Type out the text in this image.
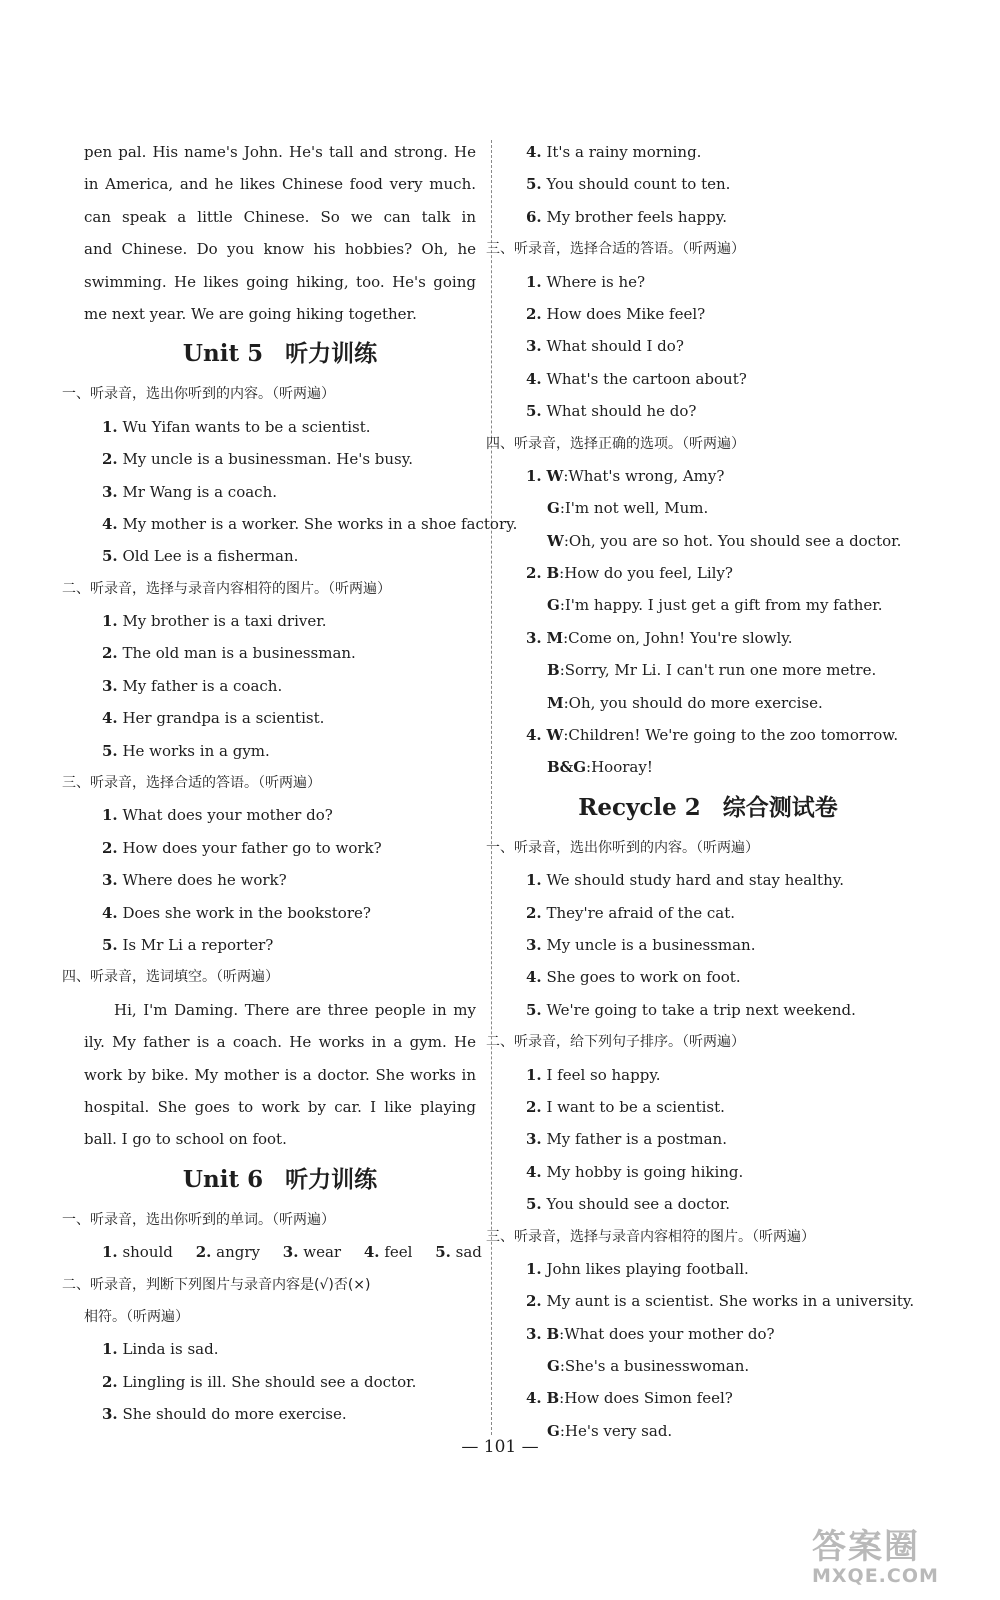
pen pal. His name's John. He's tall and strong. He
in America, and he likes Chinese food very much.
can speak a little Chinese. So we can talk in
and Chinese. Do you know his hobbies? Oh, he
swimming. He likes going hiking, too. He's going
me next year. We are going hiking together.
Unit 5 听力训练
一、听录音，选出你听到的内容。（听两遍）
1. Wu Yifan wants to be a scientist.
2. My uncle is a businessman. He's busy.
3. Mr Wang is a coach.
4. My mother is a worker. She works in a shoe factory.
5. Old Lee is a fisherman.
二、听录音，选择与录音内容相符的图片。（听两遍）
1. My brother is a taxi driver.
2. The old man is a businessman.
3. My father is a coach.
4. Her grandpa is a scientist.
5. He works in a gym.
三、听录音，选择合适的答语。（听两遍）
1. What does your mother do?
2. How does your father go to work?
3. Where does he work?
4. Does she work in the bookstore?
5. Is Mr Li a reporter?
四、听录音，选词填空。（听两遍）
Hi, I'm Daming. There are three people in my
ily. My father is a coach. He works in a gym. He
work by bike. My mother is a doctor. She works in
hospital. She goes to work by car. I like playing
ball. I go to school on foot.
Unit 6 听力训练
一、听录音，选出你听到的单词。（听两遍）
1. should 2. angry 3. wear 4. feel 5. sad
二、听录音，判断下列图片与录音内容是(√)否(×)
相符。（听两遍）
1. Linda is sad.
2. Lingling is ill. She should see a doctor.
3. She should do more exercise.
4. It's a rainy morning.
5. You should count to ten.
6. My brother feels happy.
三、听录音，选择合适的答语。（听两遍）
1. Where is he?
2. How does Mike feel?
3. What should I do?
4. What's the cartoon about?
5. What should he do?
四、听录音，选择正确的选项。（听两遍）
1. W:What's wrong, Amy?
G:I'm not well, Mum.
W:Oh, you are so hot. You should see a doctor.
2. B:How do you feel, Lily?
G:I'm happy. I just get a gift from my father.
3. M:Come on, John! You're slowly.
B:Sorry, Mr Li. I can't run one more metre.
M:Oh, you should do more exercise.
4. W:Children! We're going to the zoo tomorrow.
B&G:Hooray!
Recycle 2 综合测试卷
一、听录音，选出你听到的内容。（听两遍）
1. We should study hard and stay healthy.
2. They're afraid of the cat.
3. My uncle is a businessman.
4. She goes to work on foot.
5. We're going to take a trip next weekend.
二、听录音，给下列句子排序。（听两遍）
1. I feel so happy.
2. I want to be a scientist.
3. My father is a postman.
4. My hobby is going hiking.
5. You should see a doctor.
三、听录音，选择与录音内容相符的图片。（听两遍）
1. John likes playing football.
2. My aunt is a scientist. She works in a university.
3. B:What does your mother do?
G:She's a businesswoman.
4. B:How does Simon feel?
G:He's very sad.
— 101 —
答案圈
MXQE.COM
